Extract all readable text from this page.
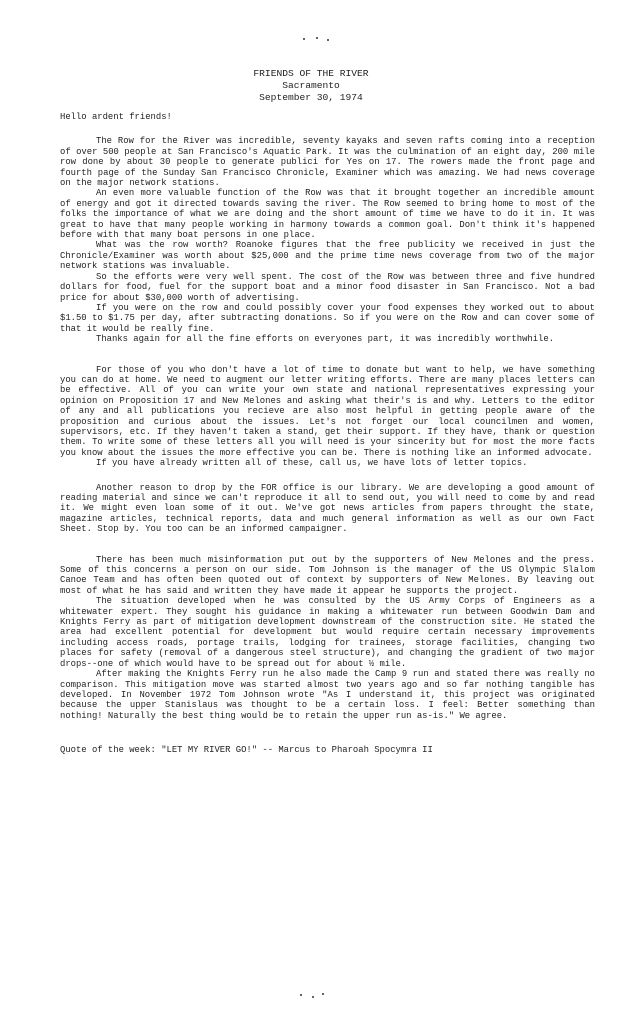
FRIENDS OF THE RIVER
Sacramento
September 30, 1974

Hello ardent friends!

The Row for the River was incredible, seventy kayaks and seven rafts coming into a reception of over 500 people at San Francisco's Aquatic Park. It was the culmination of an eight day, 200 mile row done by about 30 people to generate publici for Yes on 17. The rowers made the front page and fourth page of the Sunday San Francisco Chronicle, Examiner which was amazing. We had news coverage on the major network stations.

An even more valuable function of the Row was that it brought together an incredible amount of energy and got it directed towards saving the river. The Row seemed to bring home to most of the folks the importance of what we are doing and the short amount of time we have to do it in. It was great to have that many people working in harmony towards a common goal. Don't think it's happened before with that many boat persons in one place.

What was the row worth? Roanoke figures that the free publicity we received in just the Chronicle/Examiner was worth about $25,000 and the prime time news coverage from two of the major network stations was invaluable.

So the efforts were very well spent. The cost of the Row was between three and five hundred dollars for food, fuel for the support boat and a minor food disaster in San Francisco. Not a bad price for about $30,000 worth of advertising.

If you were on the row and could possibly cover your food expenses they worked out to about $1.50 to $1.75 per day, after subtracting donations. So if you were on the Row and can cover some of that it would be really fine.

Thanks again for all the fine efforts on everyones part, it was incredibly worthwhile.

For those of you who don't have a lot of time to donate but want to help, we have something you can do at home. We need to augment our letter writing efforts. There are many places letters can be effective. All of you can write your own state and national representatives expressing your opinion on Proposition 17 and New Melones and asking what their's is and why. Letters to the editor of any and all publications you recieve are also most helpful in getting people aware of the proposition and curious about the issues. Let's not forget our local councilmen and women, supervisors, etc. If they haven't taken a stand, get their support. If they have, thank or question them. To write some of these letters all you will need is your sincerity but for most the more facts you know about the issues the more effective you can be. There is nothing like an informed advocate.

If you have already written all of these, call us, we have lots of letter topics.

Another reason to drop by the FOR office is our library. We are developing a good amount of reading material and since we can't reproduce it all to send out, you will need to come by and read it. We might even loan some of it out. We've got news articles from papers throught the state, magazine articles, technical reports, data and much general information as well as our own Fact Sheet. Stop by. You too can be an informed campaigner.

There has been much misinformation put out by the supporters of New Melones and the press. Some of this concerns a person on our side. Tom Johnson is the manager of the US Olympic Slalom Canoe Team and has often been quoted out of context by supporters of New Melones. By leaving out most of what he has said and written they have made it appear he supports the project.

The situation developed when he was consulted by the US Army Corps of Engineers as a whitewater expert. They sought his guidance in making a whitewater run between Goodwin Dam and Knights Ferry as part of mitigation development downstream of the construction site. He stated the area had excellent potential for development but would require certain necessary improvements including access roads, portage trails, lodging for trainees, storage facilities, changing two places for safety (removal of a dangerous steel structure), and changing the gradient of two major drops--one of which would have to be spread out for about ½ mile.

After making the Knights Ferry run he also made the Camp 9 run and stated there was really no comparison. This mitigation move was started almost two years ago and so far nothing tangible has developed. In November 1972 Tom Johnson wrote "As I understand it, this project was originated because the upper Stanislaus was thought to be a certain loss. I feel: Better something than nothing! Naturally the best thing would be to retain the upper run as-is." We agree.

Quote of the week: "LET MY RIVER GO!" -- Marcus to Pharoah Spocymra II
